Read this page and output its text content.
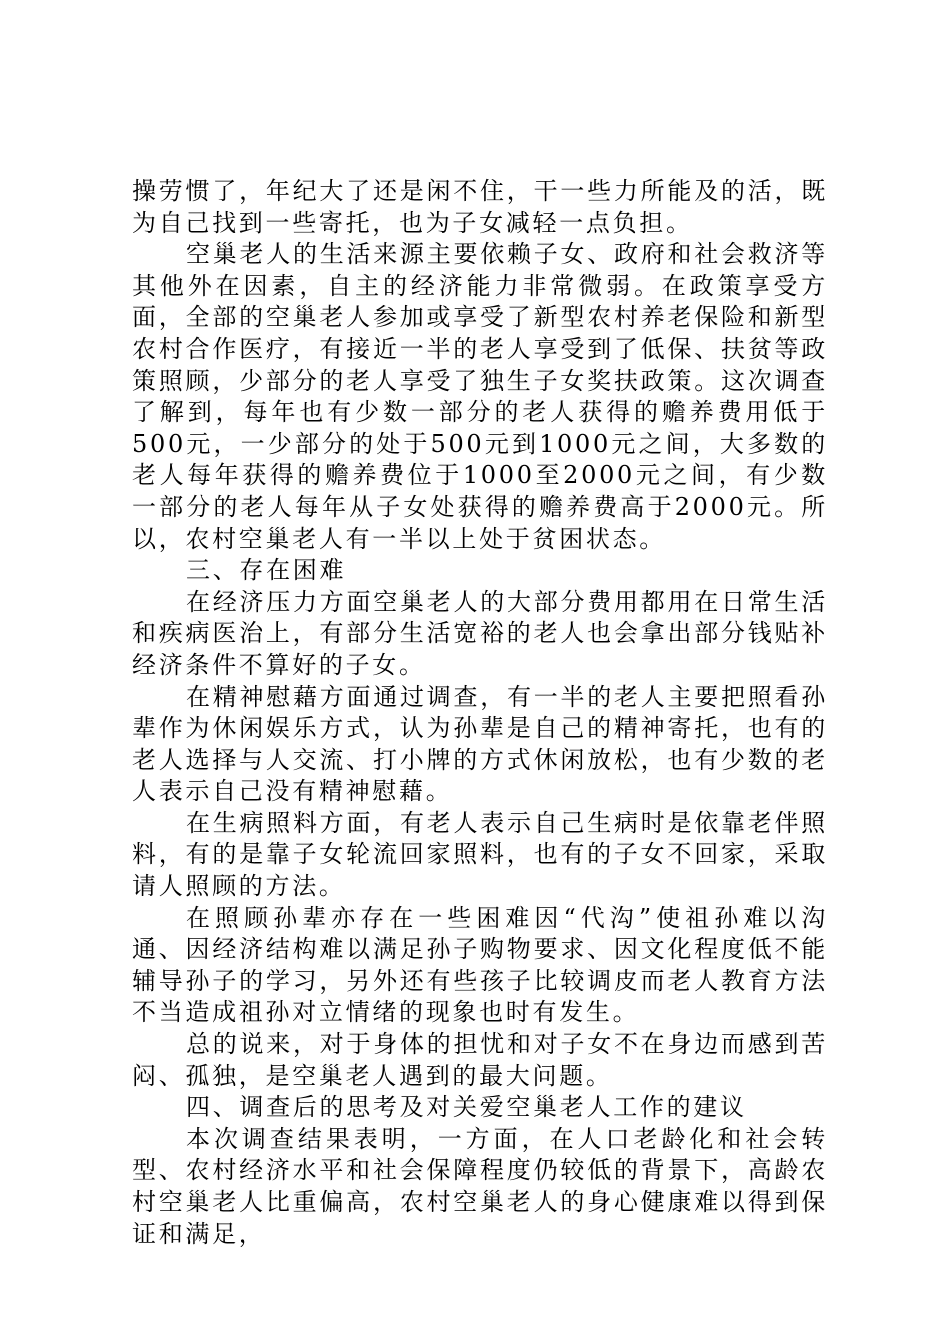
操劳惯了，年纪大了还是闲不住，干一些力所能及的活，既为自己找到一些寄托，也为子女减轻一点负担。

空巢老人的生活来源主要依赖子女、政府和社会救济等其他外在因素，自主的经济能力非常微弱。在政策享受方面，全部的空巢老人参加或享受了新型农村养老保险和新型农村合作医疗，有接近一半的老人享受到了低保、扶贫等政策照顾，少部分的老人享受了独生子女奖扶政策。这次调查了解到，每年也有少数一部分的老人获得的赡养费用低于500元，一少部分的处于500元到1000元之间，大多数的老人每年获得的赡养费位于1000至2000元之间，有少数一部分的老人每年从子女处获得的赡养费高于2000元。所以，农村空巢老人有一半以上处于贫困状态。

三、存在困难

在经济压力方面空巢老人的大部分费用都用在日常生活和疾病医治上，有部分生活宽裕的老人也会拿出部分钱贴补经济条件不算好的子女。

在精神慰藉方面通过调查，有一半的老人主要把照看孙辈作为休闲娱乐方式，认为孙辈是自己的精神寄托，也有的老人选择与人交流、打小牌的方式休闲放松，也有少数的老人表示自己没有精神慰藉。

在生病照料方面，有老人表示自己生病时是依靠老伴照料，有的是靠子女轮流回家照料，也有的子女不回家，采取请人照顾的方法。

在照顾孙辈亦存在一些困难因“代沟”使祖孙难以沟通、因经济结构难以满足孙子购物要求、因文化程度低不能辅导孙子的学习，另外还有些孩子比较调皮而老人教育方法不当造成祖孙对立情绪的现象也时有发生。

总的说来，对于身体的担忧和对子女不在身边而感到苦闷、孤独，是空巢老人遇到的最大问题。

四、调查后的思考及对关爱空巢老人工作的建议

本次调查结果表明，一方面，在人口老龄化和社会转型、农村经济水平和社会保障程度仍较低的背景下，高龄农村空巢老人比重偏高，农村空巢老人的身心健康难以得到保证和满足，
